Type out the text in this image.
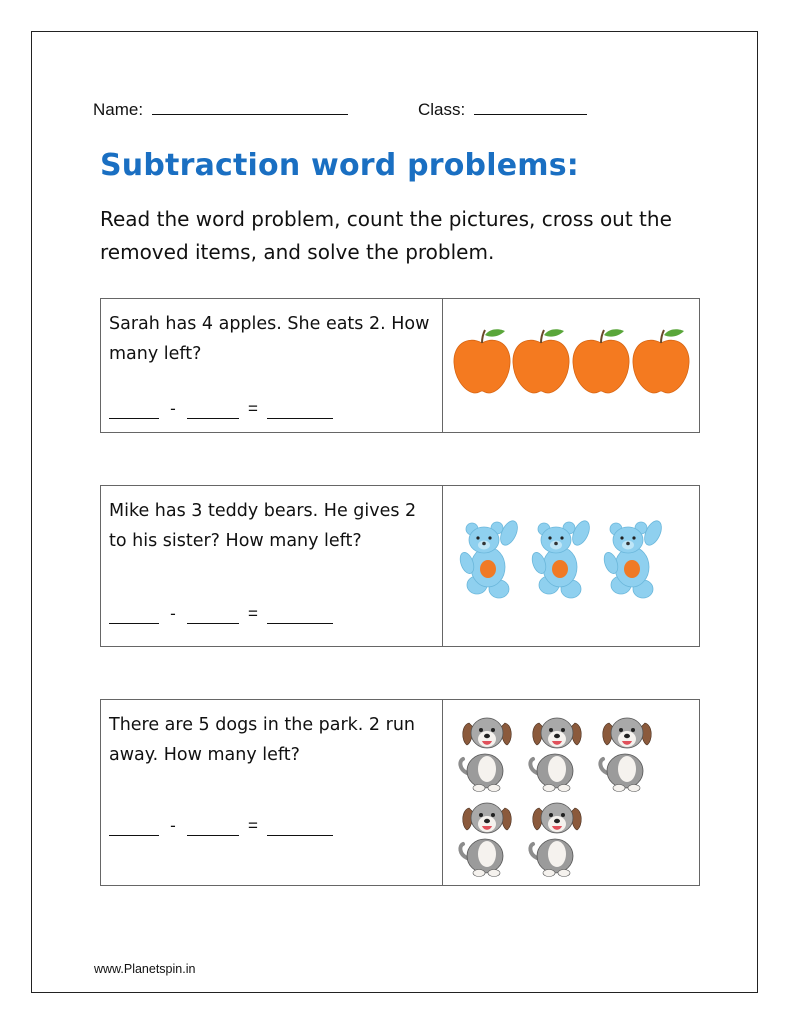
Name:	Class:
Subtraction word problems:

Read the word problem, count the pictures, cross out the removed items, and solve the problem.

Sarah has 4 apples. She eats 2. How many left?

-	=

Mike has 3 teddy bears. He gives 2 to his sister? How many left?

-	=

There are 5 dogs in the park. 2 run away. How many left?

-	=
www.Planetspin.in
